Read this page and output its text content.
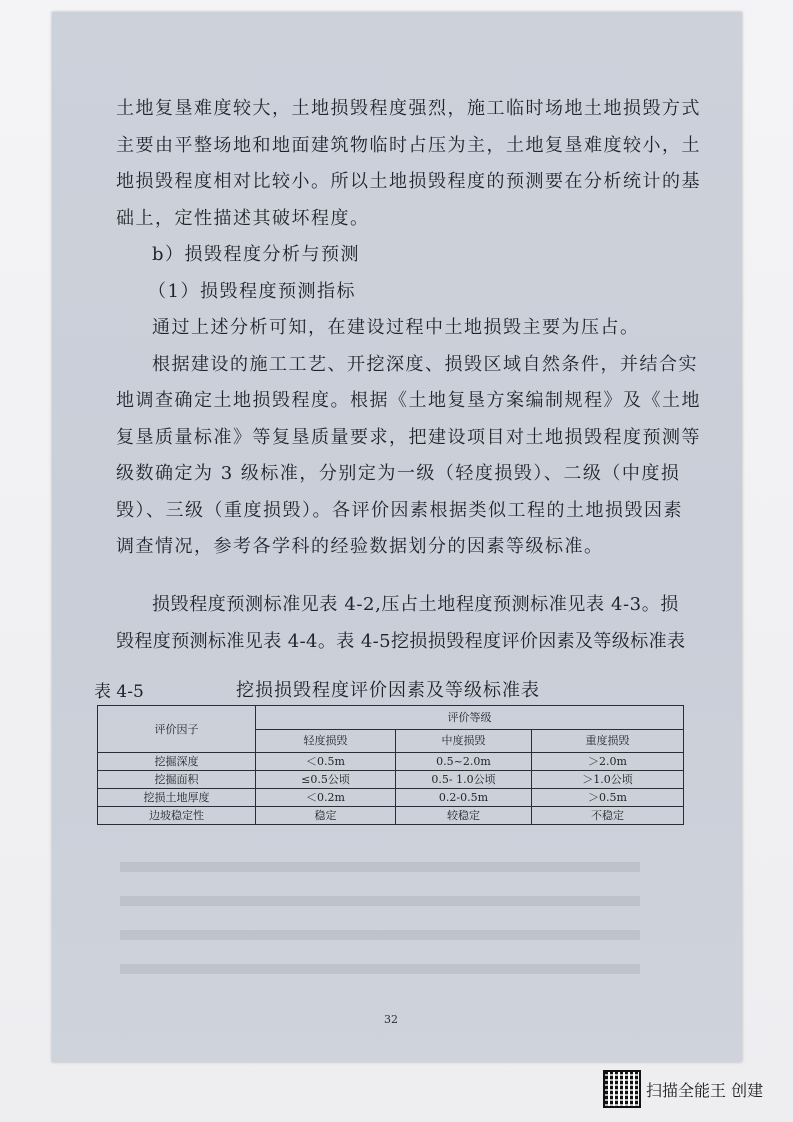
土地复垦难度较大，土地损毁程度强烈，施工临时场地土地损毁方式
主要由平整场地和地面建筑物临时占压为主，土地复垦难度较小，土
地损毁程度相对比较小。所以土地损毁程度的预测要在分析统计的基
础上，定性描述其破坏程度。
b）损毁程度分析与预测
（1）损毁程度预测指标
通过上述分析可知，在建设过程中土地损毁主要为压占。
根据建设的施工工艺、开挖深度、损毁区域自然条件，并结合实
地调查确定土地损毁程度。根据《土地复垦方案编制规程》及《土地
复垦质量标准》等复垦质量要求，把建设项目对土地损毁程度预测等
级数确定为 3 级标准，分别定为一级（轻度损毁）、二级（中度损
毁）、三级（重度损毁）。各评价因素根据类似工程的土地损毁因素
调查情况，参考各学科的经验数据划分的因素等级标准。
损毁程度预测标准见表 4-2,压占土地程度预测标准见表 4-3。损
毁程度预测标准见表 4-4。表 4-5挖损损毁程度评价因素及等级标准表
表 4-5	挖损损毁程度评价因素及等级标准表
评价因子	评价等级		
	轻度损毁	中度损毁	重度损毁
挖掘深度	＜0.5m	0.5~2.0m	＞2.0m
挖掘面积	≤0.5公顷	0.5- 1.0公顷	＞1.0公顷
挖损土地厚度	＜0.2m	0.2-0.5m	＞0.5m
边坡稳定性	稳定	较稳定	不稳定
32
扫描全能王 创建
